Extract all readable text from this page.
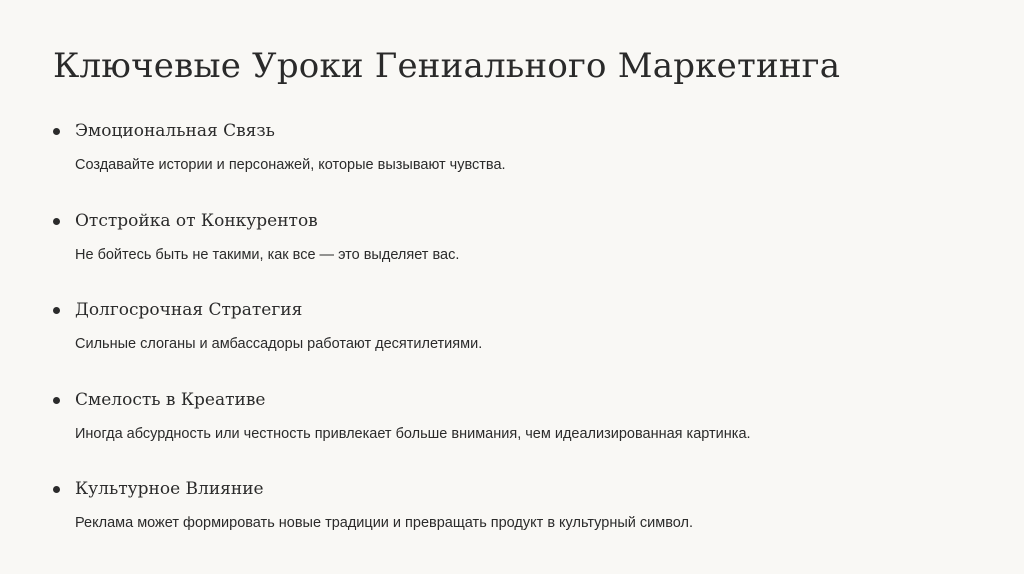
Ключевые Уроки Гениального Маркетинга
Эмоциональная Связь
Создавайте истории и персонажей, которые вызывают чувства.
Отстройка от Конкурентов
Не бойтесь быть не такими, как все — это выделяет вас.
Долгосрочная Стратегия
Сильные слоганы и амбассадоры работают десятилетиями.
Смелость в Креативе
Иногда абсурдность или честность привлекает больше внимания, чем идеализированная картинка.
Культурное Влияние
Реклама может формировать новые традиции и превращать продукт в культурный символ.
